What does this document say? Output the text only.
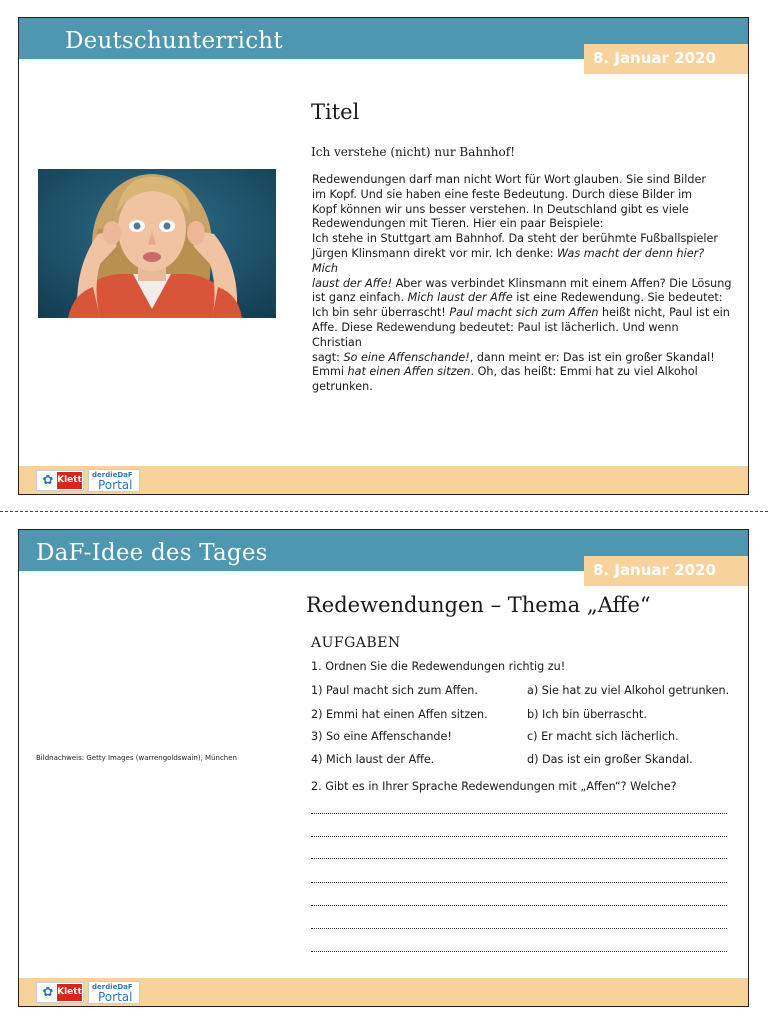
Deutschunterricht
8. Januar 2020
Titel
Ich verstehe (nicht) nur Bahnhof!
Redewendungen darf man nicht Wort für Wort glauben. Sie sind Bilder
im Kopf. Und sie haben eine feste Bedeutung. Durch diese Bilder im
Kopf können wir uns besser verstehen. In Deutschland gibt es viele
Redewendungen mit Tieren. Hier ein paar Beispiele:
Ich stehe in Stuttgart am Bahnhof. Da steht der berühmte Fußballspieler
Jürgen Klinsmann direkt vor mir. Ich denke: Was macht der denn hier? Mich
laust der Affe! Aber was verbindet Klinsmann mit einem Affen? Die Lösung
ist ganz einfach. Mich laust der Affe ist eine Redewendung. Sie bedeutet:
Ich bin sehr überrascht! Paul macht sich zum Affen heißt nicht, Paul ist ein
Affe. Diese Redewendung bedeutet: Paul ist lächerlich. Und wenn Christian
sagt: So eine Affenschande!, dann meint er: Das ist ein großer Skandal!
Emmi hat einen Affen sitzen. Oh, das heißt: Emmi hat zu viel Alkohol
getrunken.
✿ Klett derdieDaF
Portal
DaF-Idee des Tages
8. Januar 2020
Bildnachweis: Getty Images (warrengoldswain), München
Redewendungen – Thema „Affe“
AUFGABEN
1. Ordnen Sie die Redewendungen richtig zu!
1) Paul macht sich zum Affen.	a) Sie hat zu viel Alkohol getrunken.
2) Emmi hat einen Affen sitzen.	b) Ich bin überrascht.
3) So eine Affenschande!	c) Er macht sich lächerlich.
4) Mich laust der Affe.	d) Das ist ein großer Skandal.
2. Gibt es in Ihrer Sprache Redewendungen mit „Affen“? Welche?
✿ Klett derdieDaF
Portal
